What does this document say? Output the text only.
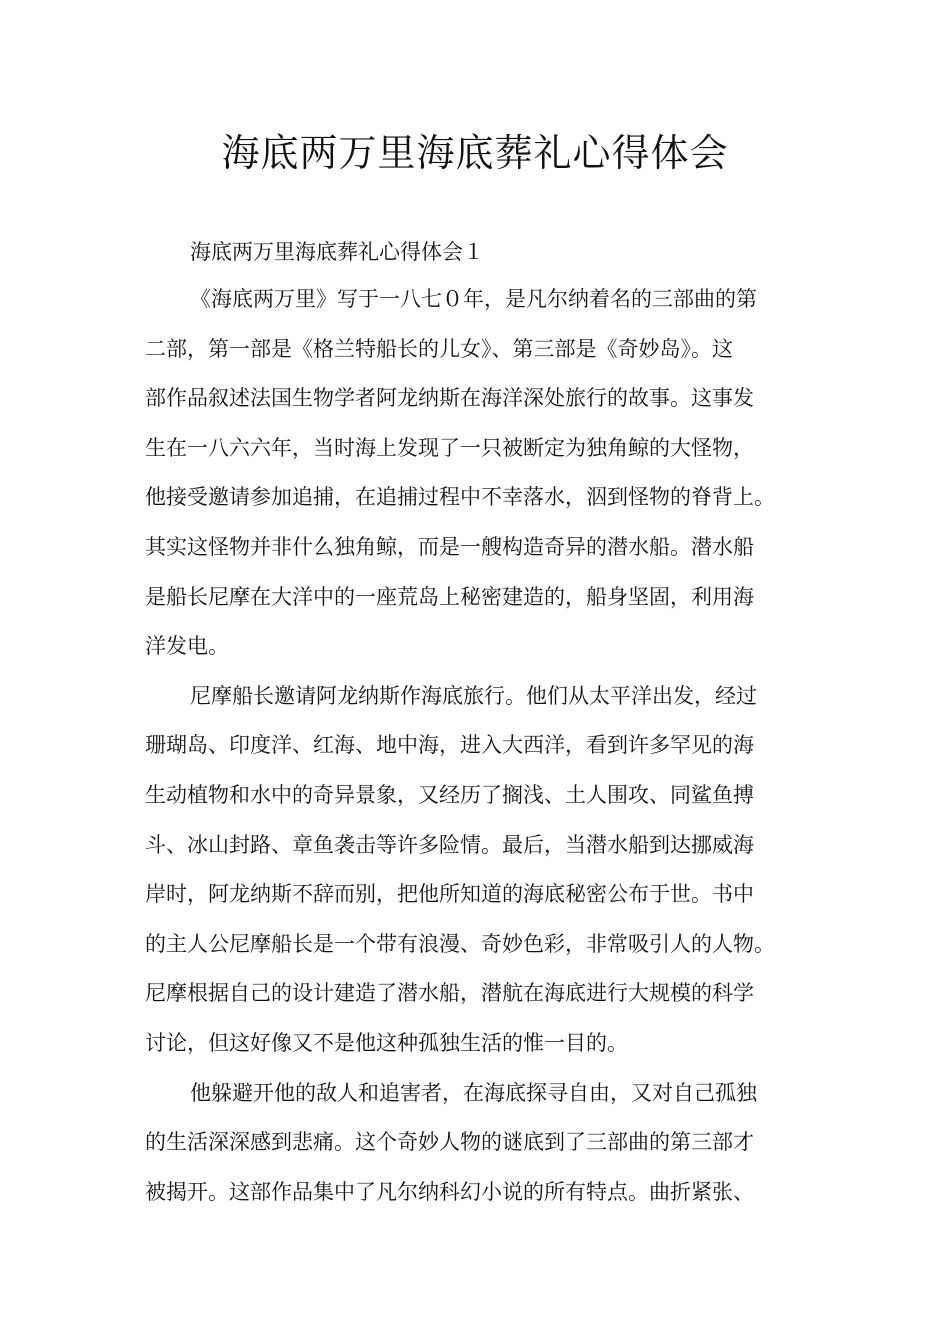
海底两万里海底葬礼心得体会
海底两万里海底葬礼心得体会１
《海底两万里》写于一八七０年，是凡尔纳着名的三部曲的第
二部，第一部是《格兰特船长的儿女》、第三部是《奇妙岛》。这
部作品叙述法国生物学者阿龙纳斯在海洋深处旅行的故事。这事发
生在一八六六年，当时海上发现了一只被断定为独角鲸的大怪物，
他接受邀请参加追捕，在追捕过程中不幸落水，泅到怪物的脊背上。
其实这怪物并非什么独角鲸，而是一艘构造奇异的潜水船。潜水船
是船长尼摩在大洋中的一座荒岛上秘密建造的，船身坚固，利用海
洋发电。
尼摩船长邀请阿龙纳斯作海底旅行。他们从太平洋出发，经过
珊瑚岛、印度洋、红海、地中海，进入大西洋，看到许多罕见的海
生动植物和水中的奇异景象，又经历了搁浅、土人围攻、同鲨鱼搏
斗、冰山封路、章鱼袭击等许多险情。最后，当潜水船到达挪威海
岸时，阿龙纳斯不辞而别，把他所知道的海底秘密公布于世。书中
的主人公尼摩船长是一个带有浪漫、奇妙色彩，非常吸引人的人物。
尼摩根据自己的设计建造了潜水船，潜航在海底进行大规模的科学
讨论，但这好像又不是他这种孤独生活的惟一目的。
他躲避开他的敌人和追害者，在海底探寻自由，又对自己孤独
的生活深深感到悲痛。这个奇妙人物的谜底到了三部曲的第三部才
被揭开。这部作品集中了凡尔纳科幻小说的所有特点。曲折紧张、
